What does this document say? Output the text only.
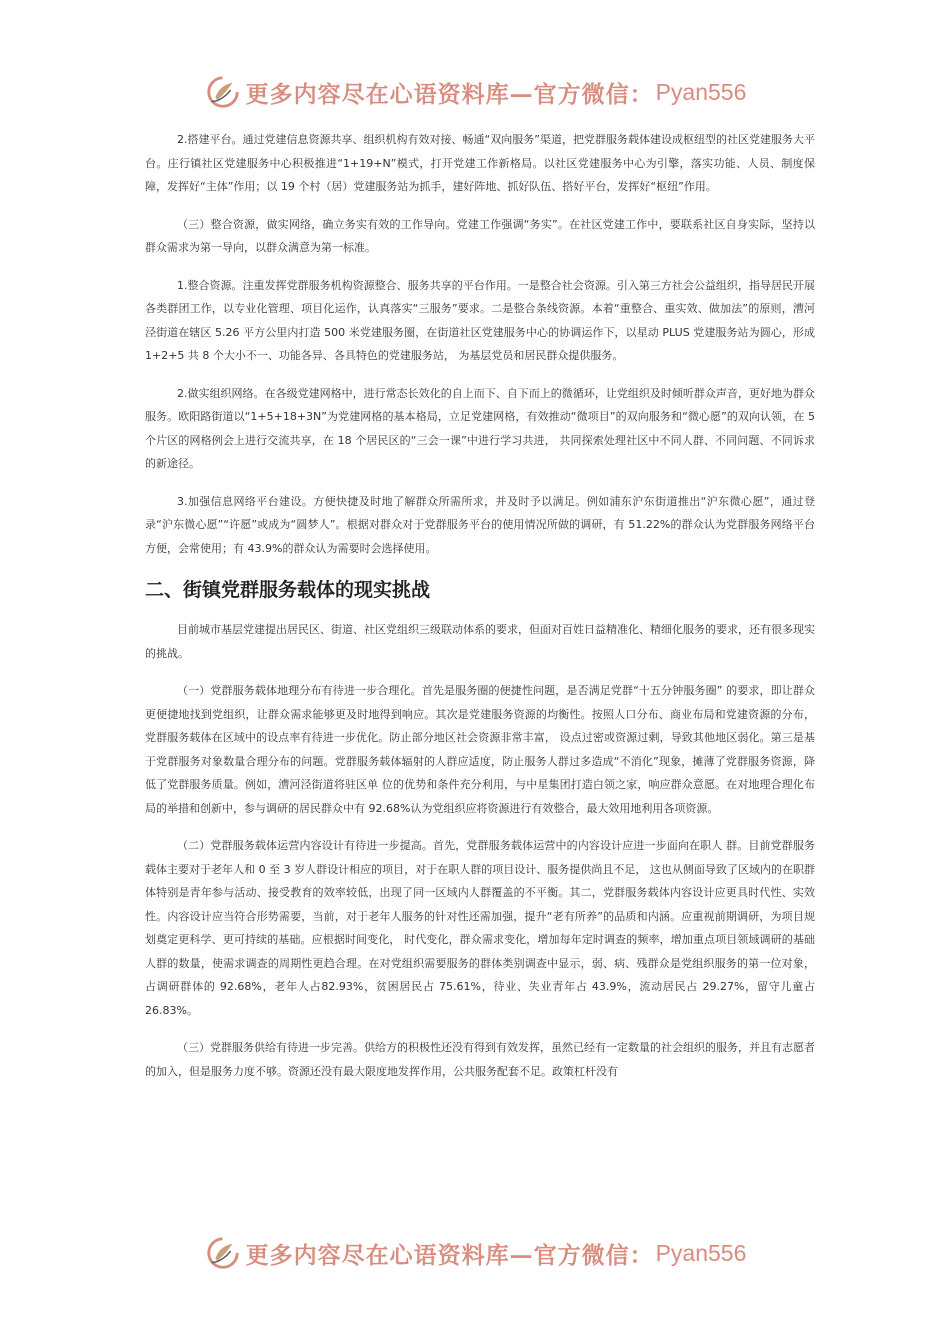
更多内容尽在心语资料库—官方微信： Pyan556

2.搭建平台。通过党建信息资源共享、组织机构有效对接、畅通“双向服务”渠道，把党群服务载体建设成枢纽型的社区党建服务大平台。庄行镇社区党建服务中心积极推进“1+19+N”模式，打开党建工作新格局。以社区党建服务中心为引擎，落实功能、人员、制度保障，发挥好“主体”作用；以 19 个村（居）党建服务站为抓手，建好阵地、抓好队伍、搭好平台，发挥好“枢纽”作用。

（三）整合资源，做实网络，确立务实有效的工作导向。党建工作强调“务实”。在社区党建工作中，要联系社区自身实际，坚持以群众需求为第一导向，以群众满意为第一标准。

1.整合资源。注重发挥党群服务机构资源整合、服务共享的平台作用。一是整合社会资源。引入第三方社会公益组织，指导居民开展各类群团工作，以专业化管理、项目化运作，认真落实“三服务”要求。二是整合条线资源。本着“重整合、重实效、做加法”的原则，漕河泾街道在辖区 5.26 平方公里内打造 500 米党建服务圈，在街道社区党建服务中心的协调运作下，以星动 PLUS 党建服务站为圆心，形成 1+2+5 共 8 个大小不一、功能各异、各具特色的党建服务站， 为基层党员和居民群众提供服务。

2.做实组织网络。在各级党建网格中，进行常态长效化的自上而下、自下而上的微循环，让党组织及时倾听群众声音，更好地为群众服务。欧阳路街道以“1+5+18+3N”为党建网格的基本格局，立足党建网格，有效推动“微项目”的双向服务和“微心愿”的双向认领，在 5 个片区的网格例会上进行交流共享，在 18 个居民区的“三会一课”中进行学习共进， 共同探索处理社区中不同人群、不同问题、不同诉求的新途径。

3.加强信息网络平台建设。方便快捷及时地了解群众所需所求，并及时予以满足。例如浦东沪东街道推出“沪东微心愿”，通过登录“沪东微心愿”“许愿”或成为“圆梦人”。根据对群众对于党群服务平台的使用情况所做的调研，有 51.22%的群众认为党群服务网络平台方便，会常使用；有 43.9%的群众认为需要时会选择使用。

二、街镇党群服务载体的现实挑战

目前城市基层党建提出居民区、街道、社区党组织三级联动体系的要求，但面对百姓日益精准化、精细化服务的要求，还有很多现实的挑战。

（一）党群服务载体地理分布有待进一步合理化。首先是服务圈的便捷性问题，是否满足党群“十五分钟服务圈” 的要求，即让群众更便捷地找到党组织，让群众需求能够更及时地得到响应。其次是党建服务资源的均衡性。按照人口分布、商业布局和党建资源的分布，党群服务载体在区域中的设点率有待进一步优化。防止部分地区社会资源非常丰富， 设点过密或资源过剩，导致其他地区弱化。第三是基于党群服务对象数量合理分布的问题。党群服务载体辐射的人群应适度，防止服务人群过多造成“不消化”现象，摊薄了党群服务资源，降低了党群服务质量。例如，漕河泾街道将驻区单 位的优势和条件充分利用，与中星集团打造白领之家，响应群众意愿。在对地理合理化布局的举措和创新中，参与调研的居民群众中有 92.68%认为党组织应将资源进行有效整合，最大效用地利用各项资源。

（二）党群服务载体运营内容设计有待进一步提高。首先，党群服务载体运营中的内容设计应进一步面向在职人 群。目前党群服务载体主要对于老年人和 0 至 3 岁人群设计相应的项目，对于在职人群的项目设计、服务提供尚且不足， 这也从侧面导致了区域内的在职群体特别是青年参与活动、接受教育的效率较低，出现了同一区域内人群覆盖的不平衡。其二，党群服务载体内容设计应更具时代性、实效性。内容设计应当符合形势需要，当前，对于老年人服务的针对性还需加强，提升“老有所养”的品质和内涵。应重视前期调研，为项目规划奠定更科学、更可持续的基础。应根据时间变化， 时代变化，群众需求变化，增加每年定时调查的频率，增加重点项目领域调研的基础人群的数量，使需求调查的周期性更趋合理。在对党组织需要服务的群体类别调查中显示，弱、病、残群众是党组织服务的第一位对象，占调研群体的 92.68%，老年人占82.93%，贫困居民占 75.61%，待业、失业青年占 43.9%，流动居民占 29.27%，留守儿童占 26.83%。

（三）党群服务供给有待进一步完善。供给方的积极性还没有得到有效发挥，虽然已经有一定数量的社会组织的服务，并且有志愿者的加入，但是服务力度不够。资源还没有最大限度地发挥作用，公共服务配套不足。政策杠杆没有

更多内容尽在心语资料库—官方微信： Pyan556
